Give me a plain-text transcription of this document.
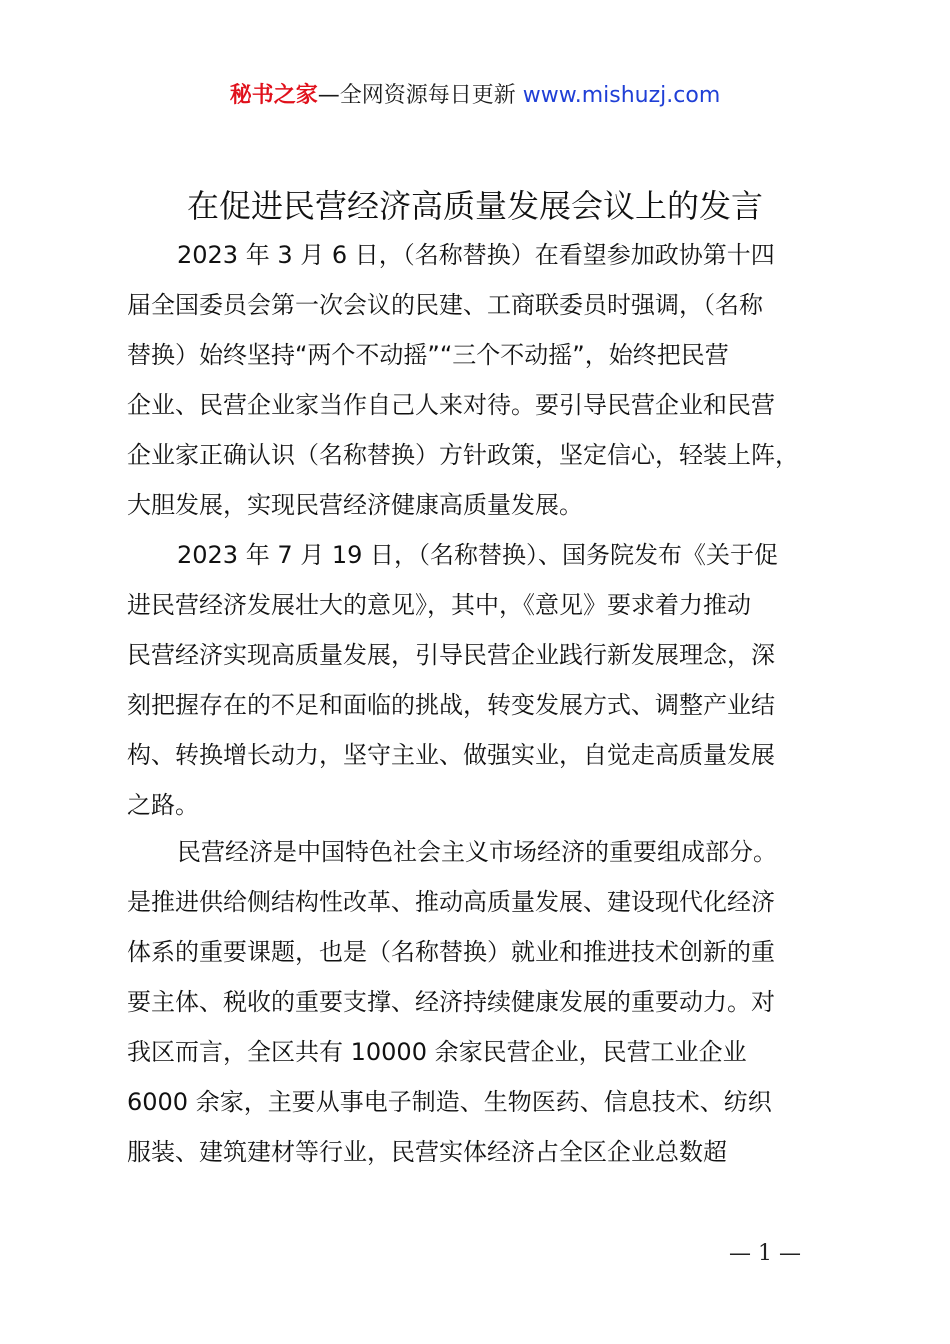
秘书之家—全网资源每日更新 www.mishuzj.com
在促进民营经济高质量发展会议上的发言
2023 年 3 月 6 日，（名称替换）在看望参加政协第十四
届全国委员会第一次会议的民建、工商联委员时强调，（名称
替换）始终坚持“两个不动摇”“三个不动摇”，始终把民营
企业、民营企业家当作自己人来对待。要引导民营企业和民营
企业家正确认识（名称替换）方针政策，坚定信心，轻装上阵，
大胆发展，实现民营经济健康高质量发展。
2023 年 7 月 19 日，（名称替换）、国务院发布《关于促
进民营经济发展壮大的意见》，其中，《意见》要求着力推动
民营经济实现高质量发展，引导民营企业践行新发展理念，深
刻把握存在的不足和面临的挑战，转变发展方式、调整产业结
构、转换增长动力，坚守主业、做强实业，自觉走高质量发展
之路。
民营经济是中国特色社会主义市场经济的重要组成部分。
是推进供给侧结构性改革、推动高质量发展、建设现代化经济
体系的重要课题，也是（名称替换）就业和推进技术创新的重
要主体、税收的重要支撑、经济持续健康发展的重要动力。对
我区而言，全区共有 10000 余家民营企业，民营工业企业
6000 余家，主要从事电子制造、生物医药、信息技术、纺织
服装、建筑建材等行业，民营实体经济占全区企业总数超
— 1 —
